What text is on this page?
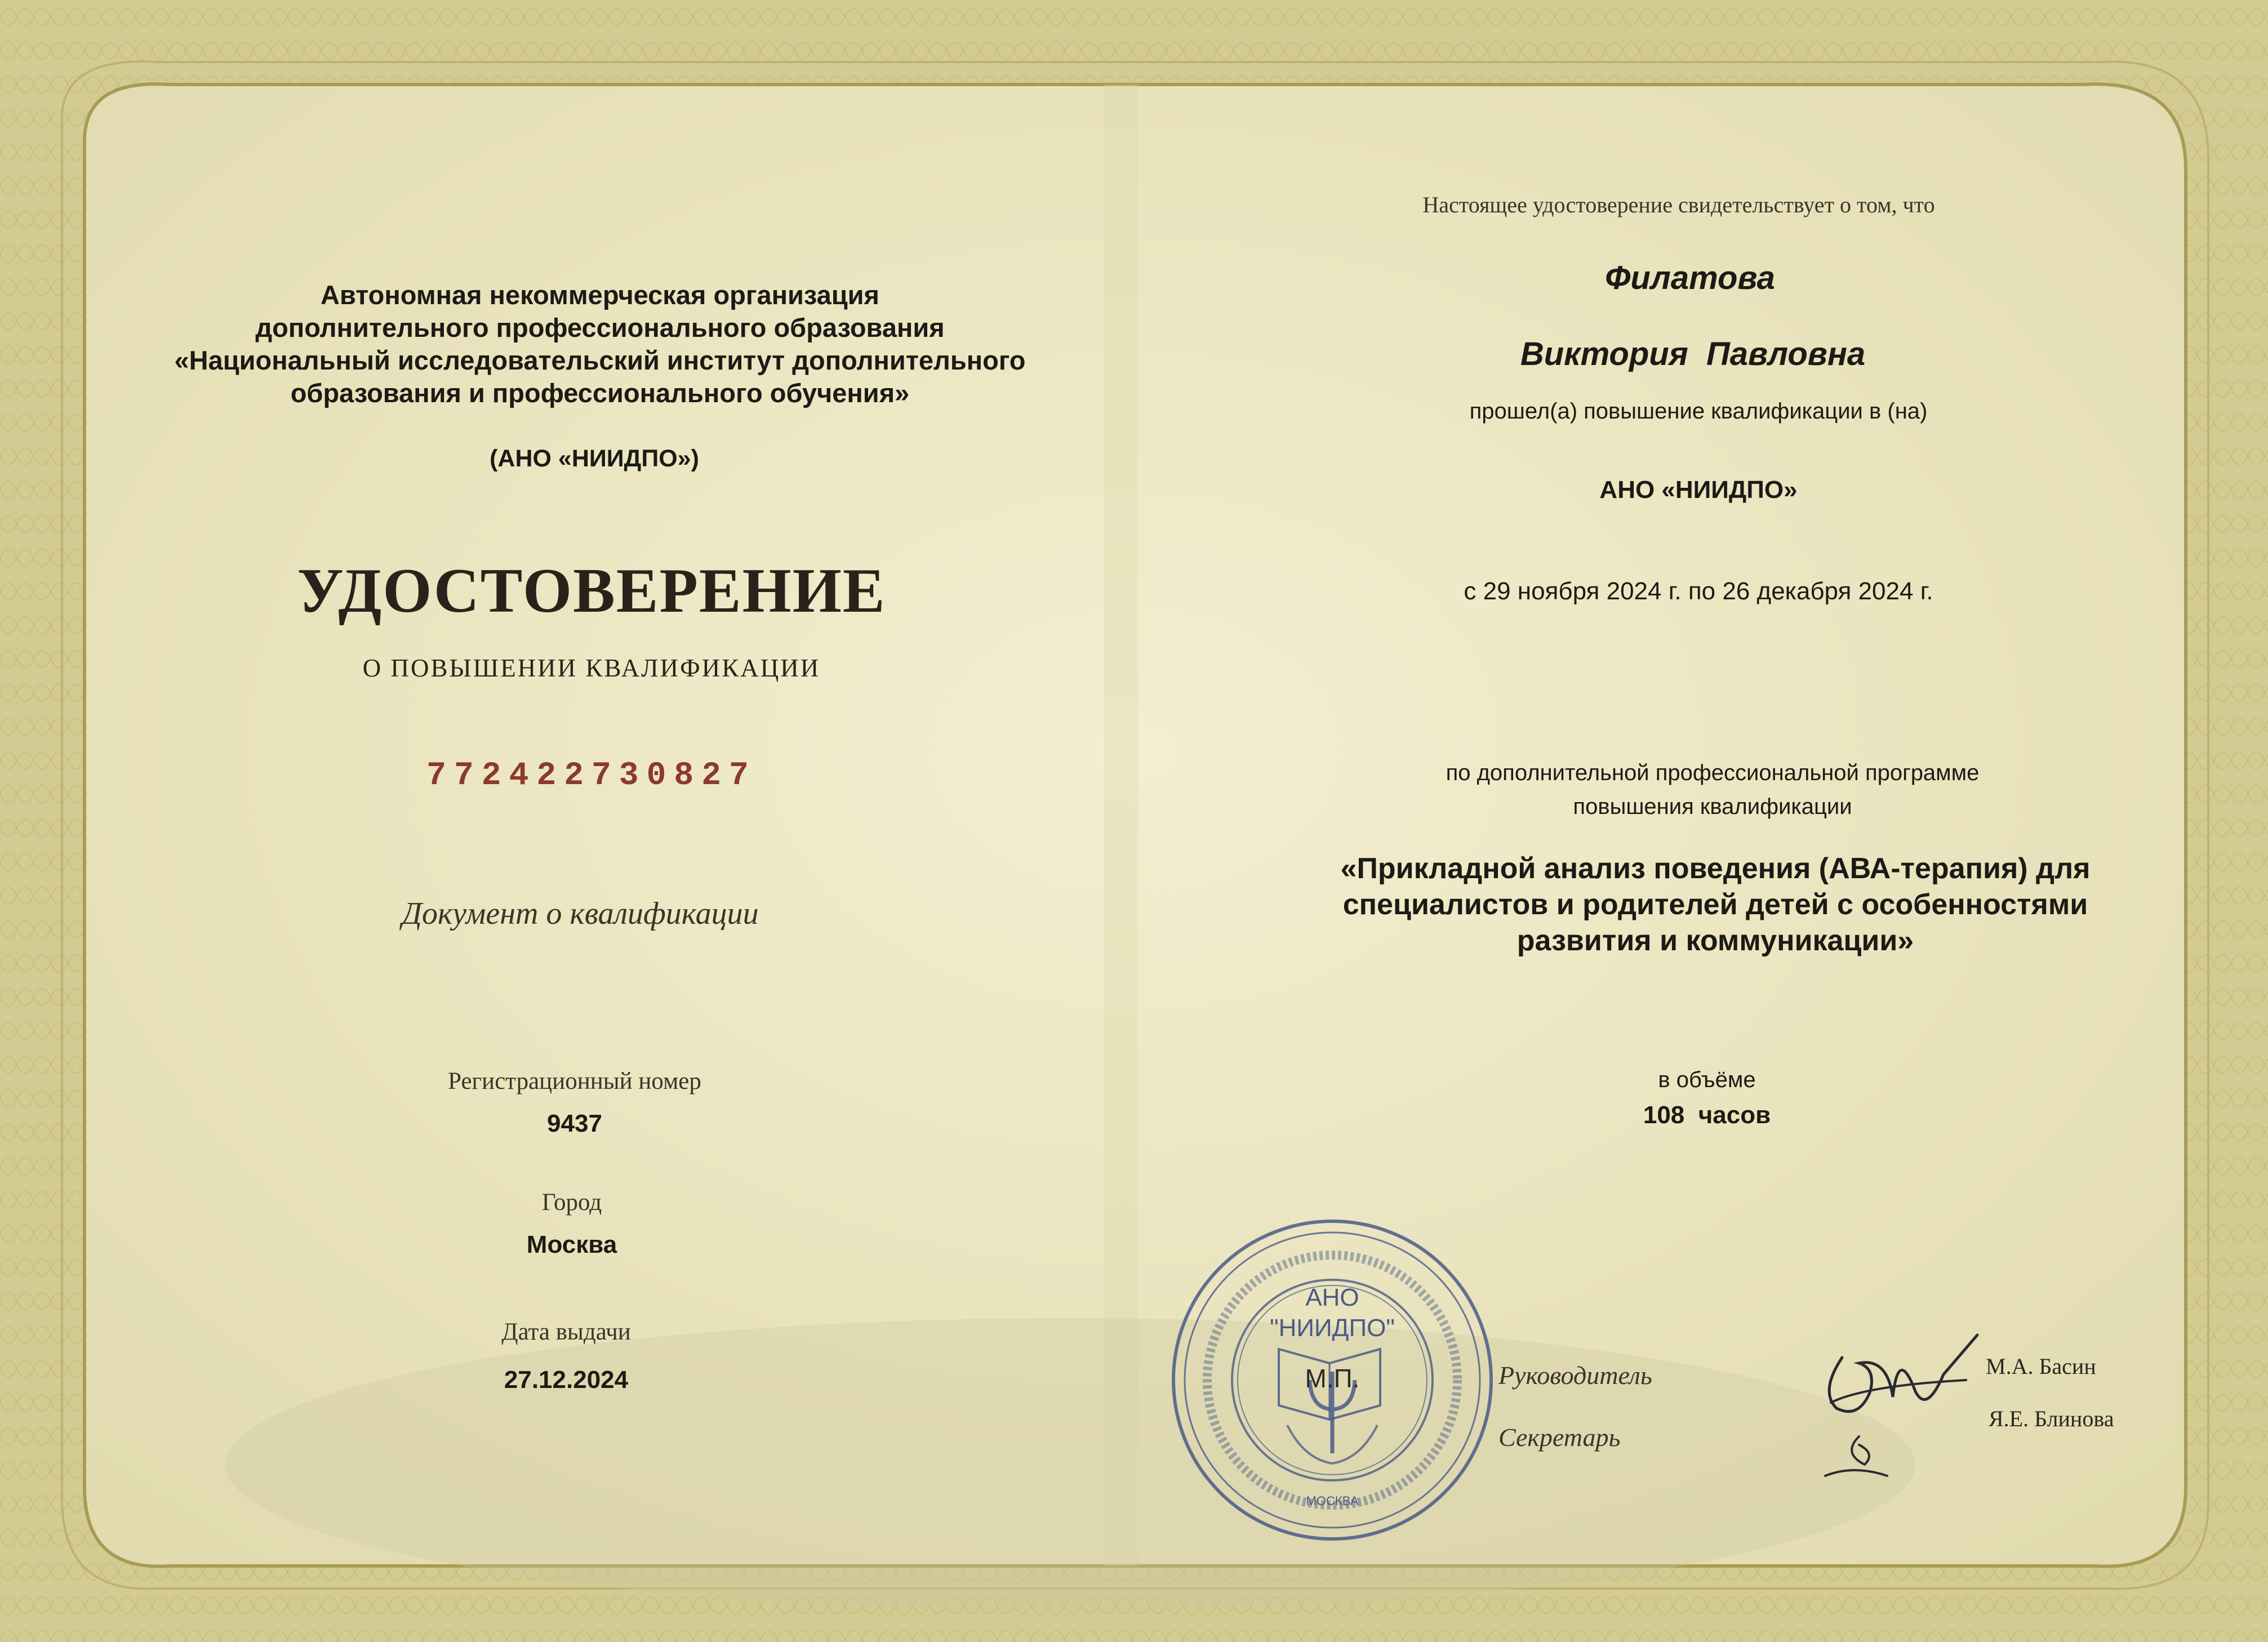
Автономная некоммерческая организация

дополнительного профессионального образования

«Национальный исследовательский институт дополнительного

образования и профессионального обучения»

(АНО «НИИДПО»)

УДОСТОВЕРЕНИЕ

О ПОВЫШЕНИИ КВАЛИФИКАЦИИ

772422730827

Документ о квалификации

Регистрационный номер

9437

Город

Москва

Дата выдачи

27.12.2024

Настоящее удостоверение свидетельствует о том, что

Филатова

Виктория  Павловна

прошел(а) повышение квалификации в (на)

АНО «НИИДПО»

с 29 ноября 2024 г. по 26 декабря 2024 г.

по дополнительной профессиональной программе

повышения квалификации

«Прикладной анализ поведения (АВА-терапия) для

специалистов и родителей детей с особенностями

развития и коммуникации»

в объёме

108  часов

АНО
"НИИДПО"
М.П.
МОСКВА

Руководитель

Секретарь

М.А. Басин

Я.Е. Блинова
